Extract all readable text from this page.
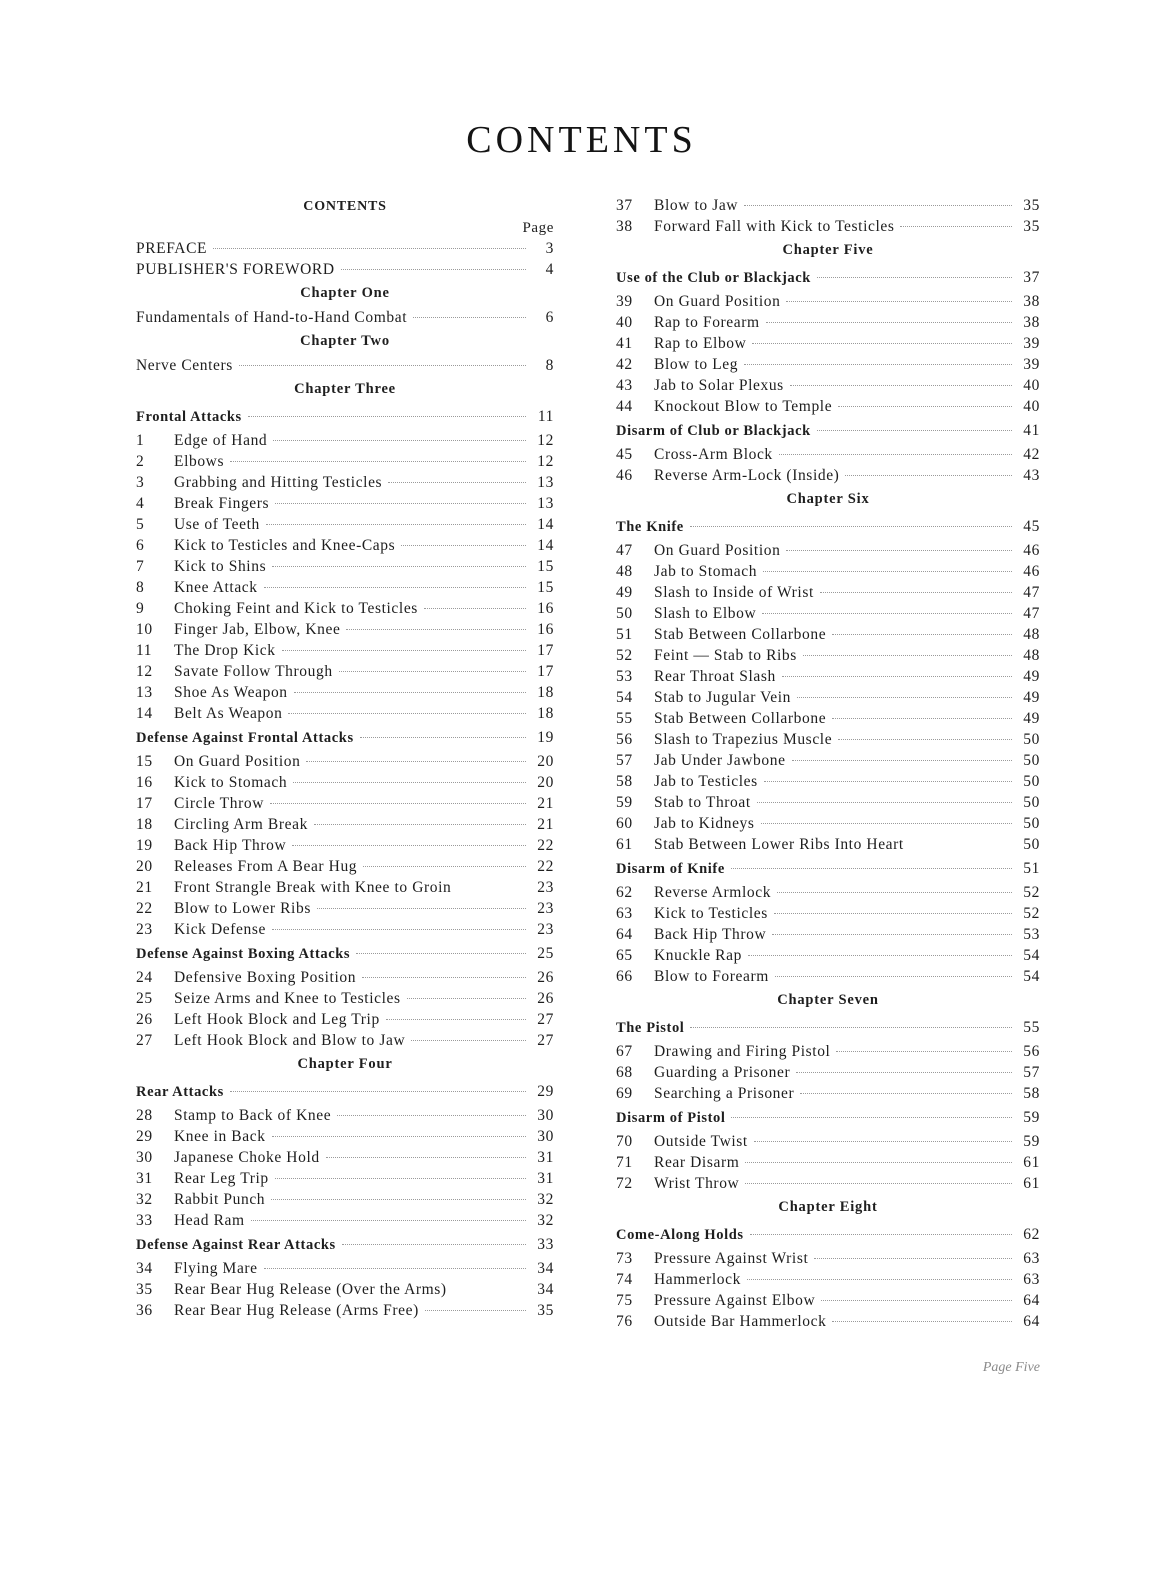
CONTENTS
CONTENTS
Page
PREFACE	3
PUBLISHER'S FOREWORD	4
Chapter One
Fundamentals of Hand-to-Hand Combat	6
Chapter Two
Nerve Centers	8
Chapter Three
Frontal Attacks	11
1	Edge of Hand	12
2	Elbows	12
3	Grabbing and Hitting Testicles	13
4	Break Fingers	13
5	Use of Teeth	14
6	Kick to Testicles and Knee-Caps	14
7	Kick to Shins	15
8	Knee Attack	15
9	Choking Feint and Kick to Testicles	16
10	Finger Jab, Elbow, Knee	16
11	The Drop Kick	17
12	Savate Follow Through	17
13	Shoe As Weapon	18
14	Belt As Weapon	18
Defense Against Frontal Attacks	19
15	On Guard Position	20
16	Kick to Stomach	20
17	Circle Throw	21
18	Circling Arm Break	21
19	Back Hip Throw	22
20	Releases From A Bear Hug	22
21	Front Strangle Break with Knee to Groin	23
22	Blow to Lower Ribs	23
23	Kick Defense	23
Defense Against Boxing Attacks	25
24	Defensive Boxing Position	26
25	Seize Arms and Knee to Testicles	26
26	Left Hook Block and Leg Trip	27
27	Left Hook Block and Blow to Jaw	27
Chapter Four
Rear Attacks	29
28	Stamp to Back of Knee	30
29	Knee in Back	30
30	Japanese Choke Hold	31
31	Rear Leg Trip	31
32	Rabbit Punch	32
33	Head Ram	32
Defense Against Rear Attacks	33
34	Flying Mare	34
35	Rear Bear Hug Release (Over the Arms)	34
36	Rear Bear Hug Release (Arms Free)	35
37	Blow to Jaw	35
38	Forward Fall with Kick to Testicles	35
Chapter Five
Use of the Club or Blackjack	37
39	On Guard Position	38
40	Rap to Forearm	38
41	Rap to Elbow	39
42	Blow to Leg	39
43	Jab to Solar Plexus	40
44	Knockout Blow to Temple	40
Disarm of Club or Blackjack	41
45	Cross-Arm Block	42
46	Reverse Arm-Lock (Inside)	43
Chapter Six
The Knife	45
47	On Guard Position	46
48	Jab to Stomach	46
49	Slash to Inside of Wrist	47
50	Slash to Elbow	47
51	Stab Between Collarbone	48
52	Feint — Stab to Ribs	48
53	Rear Throat Slash	49
54	Stab to Jugular Vein	49
55	Stab Between Collarbone	49
56	Slash to Trapezius Muscle	50
57	Jab Under Jawbone	50
58	Jab to Testicles	50
59	Stab to Throat	50
60	Jab to Kidneys	50
61	Stab Between Lower Ribs Into Heart	50
Disarm of Knife	51
62	Reverse Armlock	52
63	Kick to Testicles	52
64	Back Hip Throw	53
65	Knuckle Rap	54
66	Blow to Forearm	54
Chapter Seven
The Pistol	55
67	Drawing and Firing Pistol	56
68	Guarding a Prisoner	57
69	Searching a Prisoner	58
Disarm of Pistol	59
70	Outside Twist	59
71	Rear Disarm	61
72	Wrist Throw	61
Chapter Eight
Come-Along Holds	62
73	Pressure Against Wrist	63
74	Hammerlock	63
75	Pressure Against Elbow	64
76	Outside Bar Hammerlock	64
Page Five
